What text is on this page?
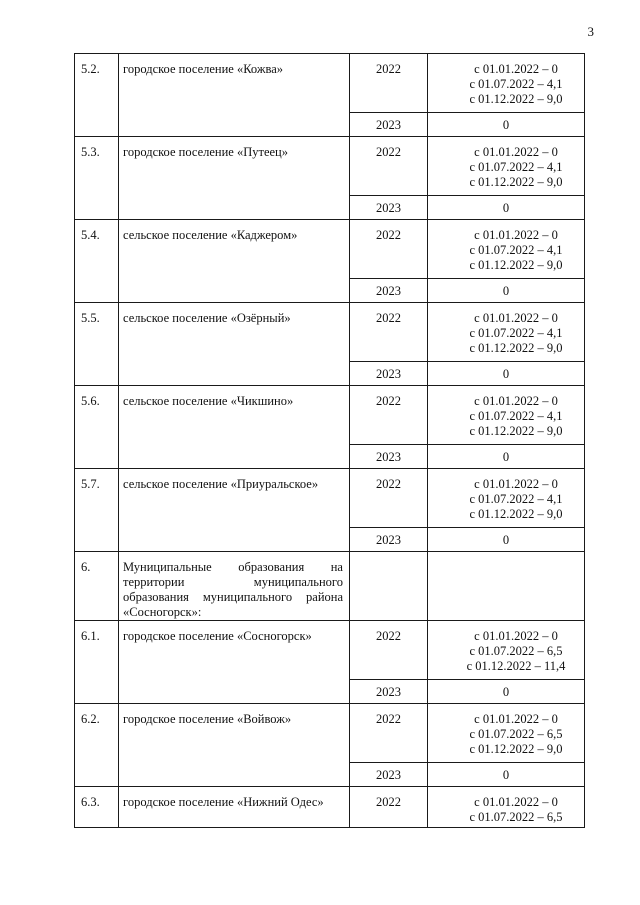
3
5.2.	городское поселение «Кожва»	2022	с 01.01.2022 – 0
с 01.07.2022 – 4,1
с 01.12.2022 – 9,0

		2023	0
5.3.	городское поселение «Путеец»	2022	с 01.01.2022 – 0
с 01.07.2022 – 4,1
с 01.12.2022 – 9,0

		2023	0
5.4.	сельское поселение «Каджером»	2022	с 01.01.2022 – 0
с 01.07.2022 – 4,1
с 01.12.2022 – 9,0

		2023	0
5.5.	сельское поселение «Озёрный»	2022	с 01.01.2022 – 0
с 01.07.2022 – 4,1
с 01.12.2022 – 9,0

		2023	0
5.6.	сельское поселение «Чикшино»	2022	с 01.01.2022 – 0
с 01.07.2022 – 4,1
с 01.12.2022 – 9,0

		2023	0
5.7.	сельское поселение «Приуральское»	2022	с 01.01.2022 – 0
с 01.07.2022 – 4,1
с 01.12.2022 – 9,0

		2023	0
6.	Муниципальные образования на территории муниципального образования муниципального района «Сосногорск»:		
6.1.	городское поселение «Сосногорск»	2022	с 01.01.2022 – 0
с 01.07.2022 – 6,5
с 01.12.2022 – 11,4

		2023	0
6.2.	городское поселение «Войвож»	2022	с 01.01.2022 – 0
с 01.07.2022 – 6,5
с 01.12.2022 – 9,0

		2023	0
6.3.	городское поселение «Нижний Одес»	2022	с 01.01.2022 – 0
с 01.07.2022 – 6,5
